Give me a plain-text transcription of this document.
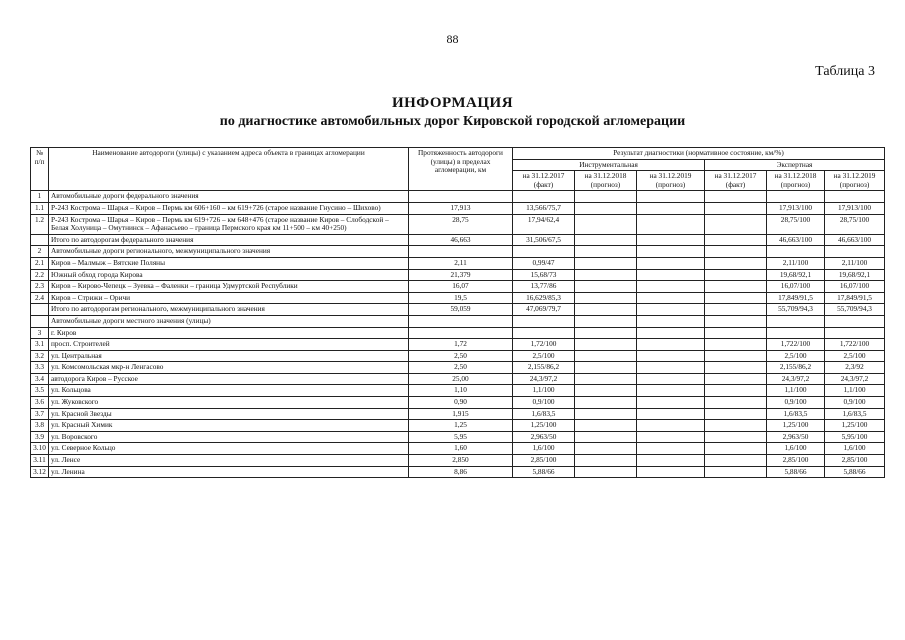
88
Таблица 3
ИНФОРМАЦИЯ
по диагностике автомобильных дорог Кировской городской агломерации
№ п/п	Наименование автодороги (улицы) с указанием адреса объекта в границах агломерации	Протяженность автодороги (улицы) в пределах агломерации, км	Результат диагностики (нормативное состояние, км/%)					
			Инструментальная			Экспертная		
			на 31.12.2017 (факт)	на 31.12.2018 (прогноз)	на 31.12.2019 (прогноз)	на 31.12.2017 (факт)	на 31.12.2018 (прогноз)	на 31.12.2019 (прогноз)
1	Автомобильные дороги федерального значения							
1.1	Р-243 Кострома – Шарья – Киров – Пермь км 606+160 – км 619+726 (старое название Гнусино – Шихово)	17,913	13,566/75,7				17,913/100	17,913/100
1.2	Р-243 Кострома – Шарья – Киров – Пермь км 619+726 – км 648+476 (старое название Киров – Слободской – Белая Холуница – Омутнинск – Афанасьево – граница Пермского края км 11+500 – км 40+250)	28,75	17,94/62,4				28,75/100	28,75/100
	Итого по автодорогам федерального значения	46,663	31,506/67,5				46,663/100	46,663/100
2	Автомобильные дороги регионального, межмуниципального значения							
2.1	Киров – Малмыж – Вятские Поляны	2,11	0,99/47				2,11/100	2,11/100
2.2	Южный обход города Кирова	21,379	15,68/73				19,68/92,1	19,68/92,1
2.3	Киров – Кирово-Чепецк – Зуевка – Фаленки – граница Удмуртской Республики	16,07	13,77/86				16,07/100	16,07/100
2.4	Киров – Стрижи – Оричи	19,5	16,629/85,3				17,849/91,5	17,849/91,5
	Итого по автодорогам регионального, межмуниципального значения	59,059	47,069/79,7				55,709/94,3	55,709/94,3
	Автомобильные дороги местного значения (улицы)							
3	г. Киров							
3.1	просп. Строителей	1,72	1,72/100				1,722/100	1,722/100
3.2	ул. Центральная	2,50	2,5/100				2,5/100	2,5/100
3.3	ул. Комсомольская мкр-н Ленгасово	2,50	2,155/86,2				2,155/86,2	2,3/92
3.4	автодорога Киров – Русское	25,00	24,3/97,2				24,3/97,2	24,3/97,2
3.5	ул. Кольцова	1,10	1,1/100				1,1/100	1,1/100
3.6	ул. Жуковского	0,90	0,9/100				0,9/100	0,9/100
3.7	ул. Красной Звезды	1,915	1,6/83,5				1,6/83,5	1,6/83,5
3.8	ул. Красный Химик	1,25	1,25/100				1,25/100	1,25/100
3.9	ул. Воровского	5,95	2,963/50				2,963/50	5,95/100
3.10	ул. Северное Кольцо	1,60	1,6/100				1,6/100	1,6/100
3.11	ул. Ленсе	2,850	2,85/100				2,85/100	2,85/100
3.12	ул. Ленина	8,86	5,88/66				5,88/66	5,88/66
